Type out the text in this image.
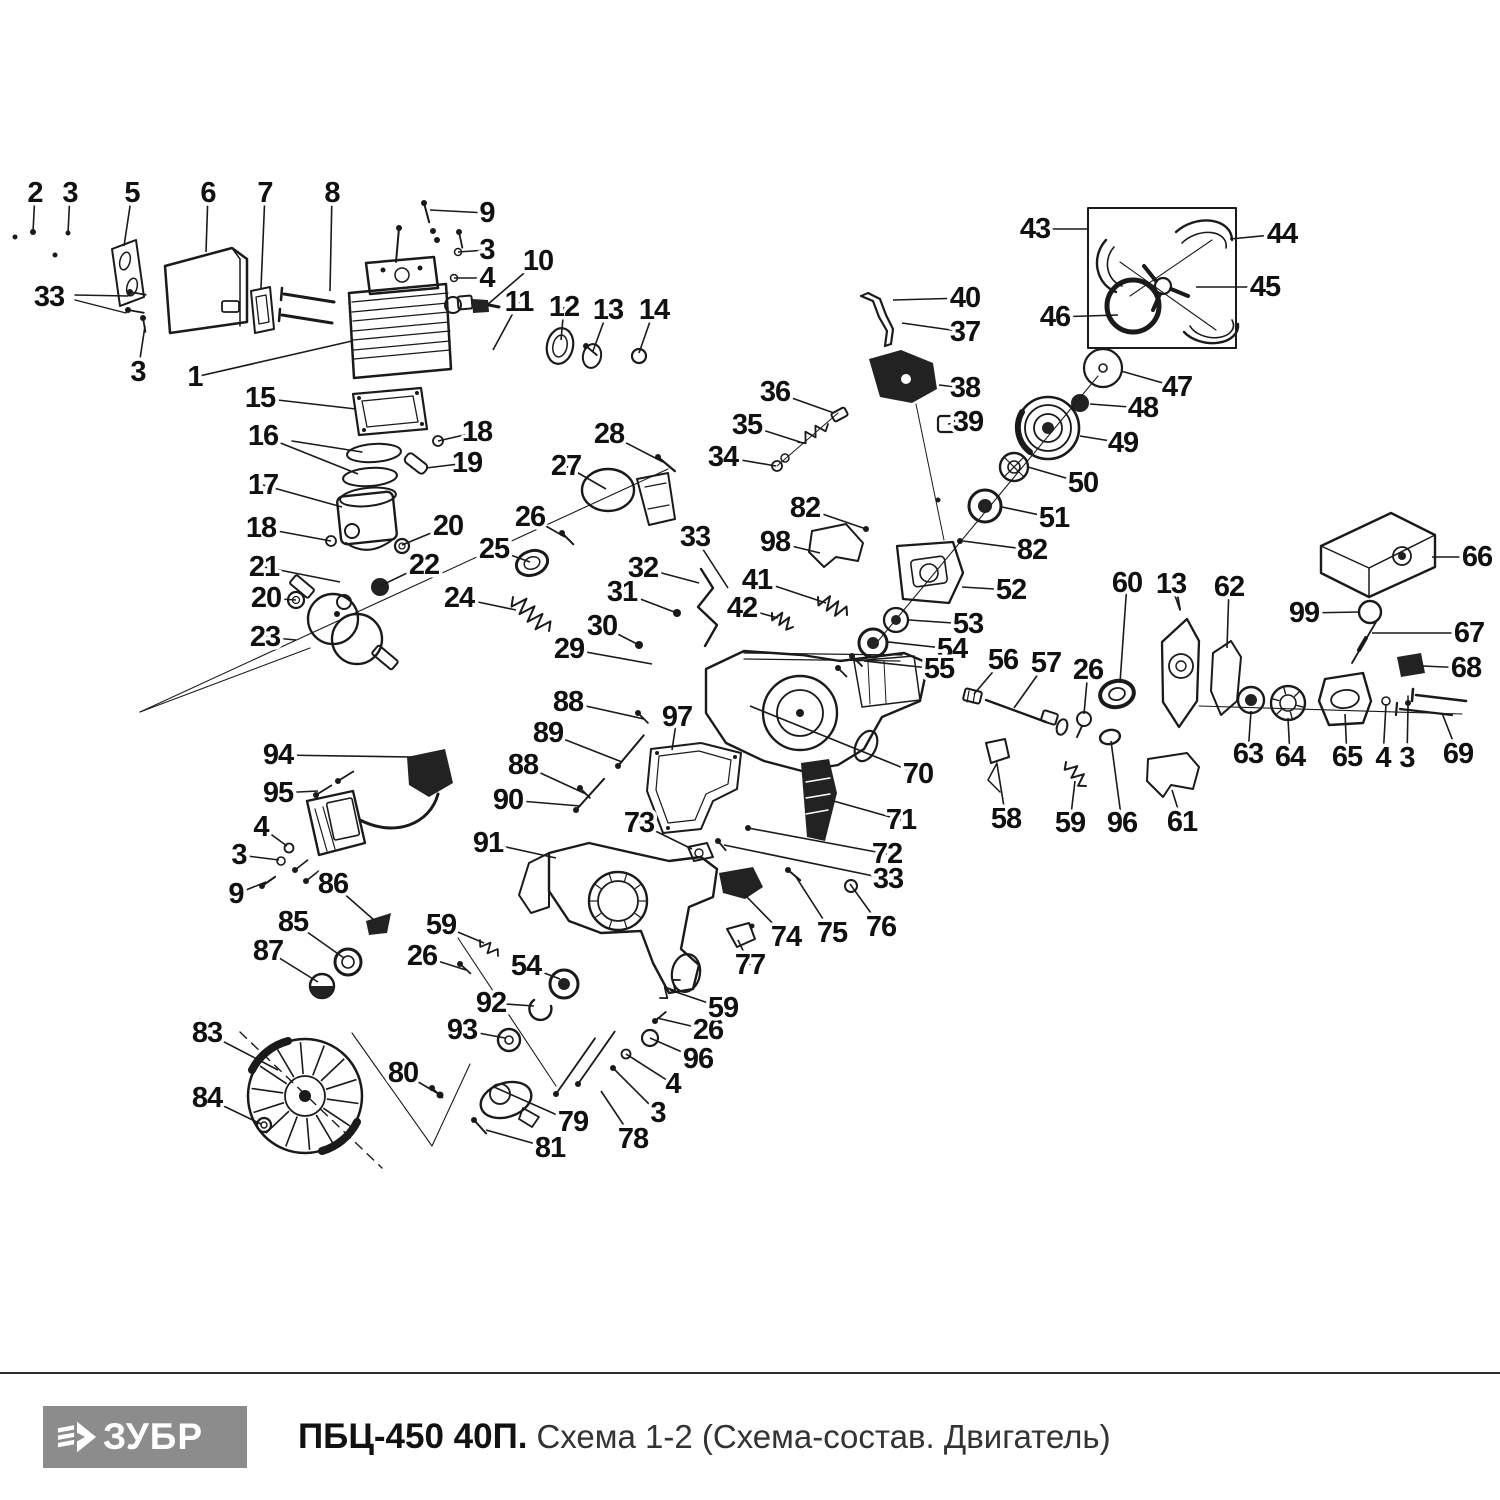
2 3 5 6 7 8
9
3
4
10
11 12 13 14
33
3 1
15
16
17
18
19
18	20
21	22
20
23
24
25
26
27
28
29
30
31
32
33
41
42
98
82
34
35
36
40
37
38
39
43	44
45
46
47
48
49
50
51
82
52
53
54
55 56 57 26
60 13 62
99
66
67
68
63 64 65 4 3 69
61
58 59 96
70
71
72
33
73
74 75 76
77
88	97
89
88
90
91
94
95
4
3
9	86
85
87
83
84
80
79
81 78
3
4
96
26
59
59
26	54
92
93
ЗУБР	ПБЦ-450 40П. Схема 1-2 (Схема-состав. Двигатель)
